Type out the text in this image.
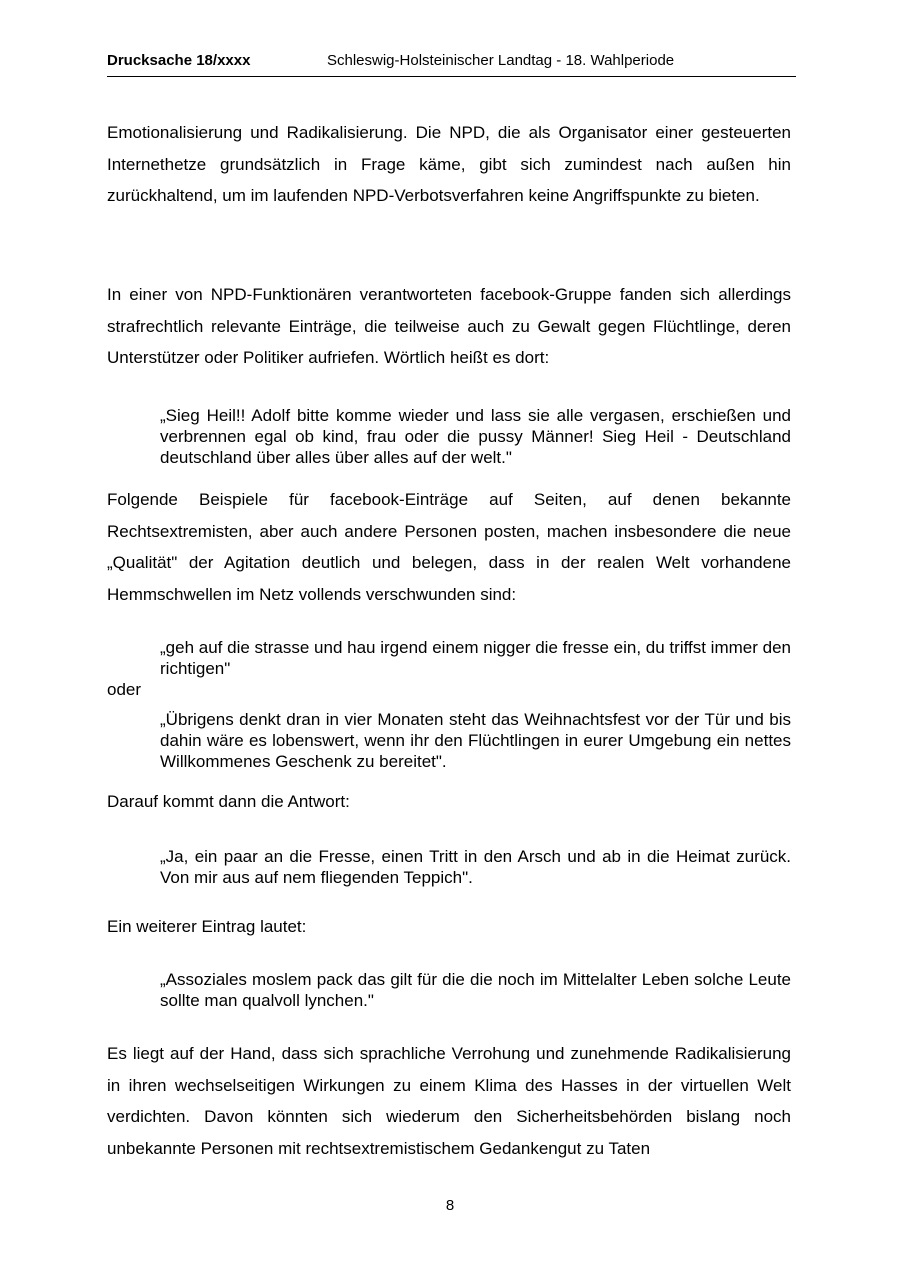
Drucksache 18/xxxx	Schleswig-Holsteinischer Landtag - 18. Wahlperiode

Emotionalisierung und Radikalisierung. Die NPD, die als Organisator einer gesteuerten Internethetze grundsätzlich in Frage käme, gibt sich zumindest nach außen hin zurückhaltend, um im laufenden NPD-Verbotsverfahren keine Angriffspunkte zu bieten.

In einer von NPD-Funktionären verantworteten facebook-Gruppe fanden sich allerdings strafrechtlich relevante Einträge, die teilweise auch zu Gewalt gegen Flüchtlinge, deren Unterstützer oder Politiker aufriefen. Wörtlich heißt es dort:

„Sieg Heil!! Adolf bitte komme wieder und lass sie alle vergasen, erschießen und verbrennen egal ob kind, frau oder die pussy Männer! Sieg Heil - Deutschland deutschland über alles über alles auf der welt."

Folgende Beispiele für facebook-Einträge auf Seiten, auf denen bekannte Rechtsextremisten, aber auch andere Personen posten, machen insbesondere die neue „Qualität" der Agitation deutlich und belegen, dass in der realen Welt vorhandene Hemmschwellen im Netz vollends verschwunden sind:

„geh auf die strasse und hau irgend einem nigger die fresse ein, du triffst immer den richtigen"

oder

„Übrigens denkt dran in vier Monaten steht das Weihnachtsfest vor der Tür und bis dahin wäre es lobenswert, wenn ihr den Flüchtlingen in eurer Umgebung ein nettes Willkommenes Geschenk zu bereitet".

Darauf kommt dann die Antwort:

„Ja, ein paar an die Fresse, einen Tritt in den Arsch und ab in die Heimat zurück. Von mir aus auf nem fliegenden Teppich".

Ein weiterer Eintrag lautet:

„Assoziales moslem pack das gilt für die die noch im Mittelalter Leben solche Leute sollte man qualvoll lynchen."

Es liegt auf der Hand, dass sich sprachliche Verrohung und zunehmende Radikalisierung in ihren wechselseitigen Wirkungen zu einem Klima des Hasses in der virtuellen Welt verdichten. Davon könnten sich wiederum den Sicherheitsbehörden bislang noch unbekannte Personen mit rechtsextremistischem Gedankengut zu Taten

8
